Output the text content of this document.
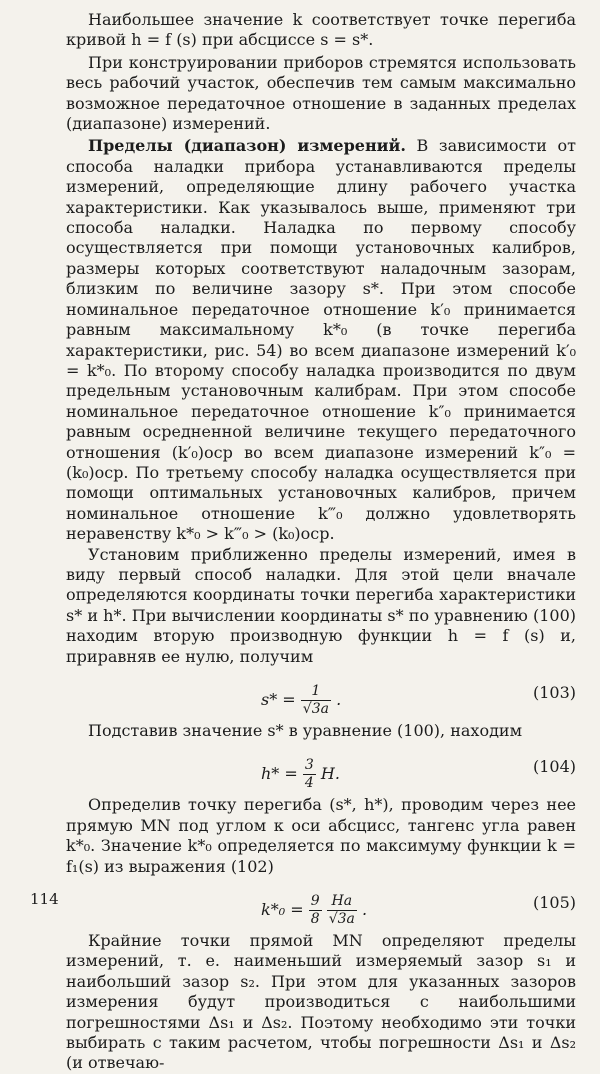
Наибольшее значение k соответствует точке перегиба кривой h = f (s) при абсциссе s = s*.

При конструировании приборов стремятся использовать весь рабочий участок, обеспечив тем самым максимально возможное передаточное отношение в заданных пределах (диапазоне) измерений.

Пределы (диапазон) измерений. В зависимости от способа наладки прибора устанавливаются пределы измерений, определяющие длину рабочего участка характеристики. Как указывалось выше, применяют три способа наладки. Наладка по первому способу осуществляется при помощи установочных калибров, размеры которых соответствуют наладочным зазорам, близким по величине зазору s*. При этом способе номинальное передаточное отношение k′₀ принимается равным максимальному k*₀ (в точке перегиба характеристики, рис. 54) во всем диапазоне измерений k′₀ = k*₀. По второму способу наладка производится по двум предельным установочным калибрам. При этом способе номинальное передаточное отношение k″₀ принимается равным осредненной величине текущего передаточного отношения (k′₀)оср во всем диапазоне измерений k″₀ = (k₀)оср. По третьему способу наладка осуществляется при помощи оптимальных установочных калибров, причем номинальное отношение k‴₀ должно удовлетворять неравенству k*₀ > k‴₀ > (k₀)оср.

Установим приближенно пределы измерений, имея в виду первый способ наладки. Для этой цели вначале определяются координаты точки перегиба характеристики s* и h*. При вычислении координаты s* по уравнению (100) находим вторую производную функции h = f (s) и, приравняв ее нулю, получим

$s* = \frac{1}{√3a}$ .	(103)

Подставив значение s* в уравнение (100), находим

$h* = \frac{3}{4} H$.	(104)

Определив точку перегиба (s*, h*), проводим через нее прямую MN под углом к оси абсцисс, тангенс угла равен k*₀. Значение k*₀ определяется по максимуму функции k = f₁(s) из выражения (102)

$k*_0 = \frac{9}{8}$
$\frac{Ha}{√3a}$ .	(105)

Крайние точки прямой MN определяют пределы измерений, т. е. наименьший измеряемый зазор s₁ и наибольший зазор s₂. При этом для указанных зазоров измерения будут производиться с наибольшими погрешностями Δs₁ и Δs₂. Поэтому необходимо эти точки выбирать с таким расчетом, чтобы погрешности Δs₁ и Δs₂ (и отвечаю-

114
